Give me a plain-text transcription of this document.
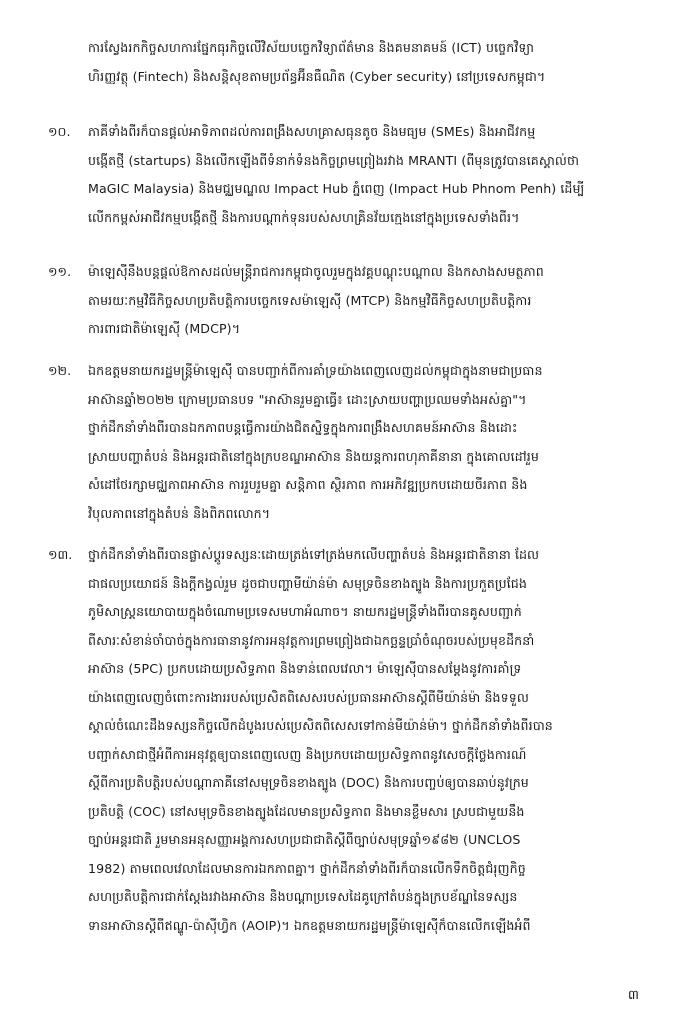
ការស្វែងរកកិច្ចសហការផ្នែកធុរកិច្ចលើវិស័យបច្ចេកវិទ្យាព័ត៌មាន និងគមនាគមន៍ (ICT) បច្ចេកវិទ្យា
ហិរញ្ញវត្ថុ (Fintech) និងសន្តិសុខតាមប្រព័ន្ធអ៊ីនធឺណិត (Cyber security) នៅប្រទេសកម្ពុជា។
១០. ភាគីទាំងពីរក៏បានផ្តល់អាទិភាពដល់ការពង្រឹងសហគ្រាសធុនតូច និងមធ្យម (SMEs) និងអាជីវកម្ម
បង្កើតថ្មី (startups) និងលើកឡើងពីទំនាក់ទំនងកិច្ចព្រមព្រៀងរវាង MRANTI (ពីមុនត្រូវបានគេស្គាល់ថា
MaGIC Malaysia) និងមជ្ឈមណ្ឌល Impact Hub ភ្នំពេញ (Impact Hub Phnom Penh) ដើម្បី
លើកកម្ពស់អាជីវកម្មបង្កើតថ្មី និងការបណ្តាក់ទុនរបស់សហគ្រិនវ័យក្មេងនៅក្នុងប្រទេសទាំងពីរ។
១១. ម៉ាឡេស៊ីនឹងបន្តផ្តល់ឱកាសដល់មន្ត្រីរាជការកម្ពុជាចូលរួមក្នុងវគ្គបណ្តុះបណ្តាល និងកសាងសមត្ថភាព
តាមរយៈកម្មវិធីកិច្ចសហប្រតិបត្តិការបច្ចេកទេសម៉ាឡេស៊ី (MTCP) និងកម្មវិធីកិច្ចសហប្រតិបត្តិការ
ការពារជាតិម៉ាឡេស៊ី (MDCP)។
១២. ឯកឧត្តមនាយករដ្ឋមន្ត្រីម៉ាឡេស៊ី បានបញ្ជាក់ពីការគាំទ្រយ៉ាងពេញលេញដល់កម្ពុជាក្នុងនាមជាប្រធាន
អាស៊ានឆ្នាំ២០២២ ក្រោមប្រធានបទ "អាស៊ានរួមគ្នាធ្វើ៖ ដោះស្រាយបញ្ហាប្រឈមទាំងអស់គ្នា"។
ថ្នាក់ដឹកនាំទាំងពីរបានឯកភាពបន្តធ្វើការយ៉ាងជិតស្និទ្ធក្នុងការពង្រឹងសហគមន៍អាស៊ាន និងដោះ
ស្រាយបញ្ហាតំបន់ និងអន្តរជាតិនៅក្នុងក្របខណ្ឌអាស៊ាន និងយន្តការពហុភាគីនានា ក្នុងគោលដៅរួម
សំដៅថែរក្សាមជ្ឈភាពអាស៊ាន ការរួបរួមគ្នា សន្តិភាព ស្ថិរភាព ការអភិវឌ្ឍប្រកបដោយចីរភាព និង
វិបុលភាពនៅក្នុងតំបន់ និងពិភពលោក។
១៣. ថ្នាក់ដឹកនាំទាំងពីរបានផ្លាស់ប្តូរទស្សនៈដោយត្រង់ទៅត្រង់មកលើបញ្ហាតំបន់ និងអន្តរជាតិនានា ដែល
ជាផលប្រយោជន៍ និងក្តីកង្វល់រួម ដូចជាបញ្ហាមីយ៉ាន់ម៉ា សមុទ្រចិនខាងត្បូង និងការប្រកួតប្រជែង
ភូមិសាស្ត្រនយោបាយក្នុងចំណោមប្រទេសមហាអំណាច។ នាយករដ្ឋមន្ត្រីទាំងពីរបានគូសបញ្ជាក់
ពីសារៈសំខាន់ចាំបាច់ក្នុងការធានានូវការអនុវត្តការព្រមព្រៀងជាឯកច្ឆន្ទប្រាំចំណុចរបស់ប្រមុខដឹកនាំ
អាស៊ាន (5PC) ប្រកបដោយប្រសិទ្ធភាព និងទាន់ពេលវេលា។ ម៉ាឡេស៊ីបានសម្តែងនូវការគាំទ្រ
យ៉ាងពេញលេញចំពោះការងាររបស់ប្រេសិតពិសេសរបស់ប្រធានអាស៊ានស្តីពីមីយ៉ាន់ម៉ា និងទទួល
ស្គាល់ចំណេះដឹងទស្សនកិច្ចលើកដំបូងរបស់ប្រេសិតពិសេសទៅកាន់មីយ៉ាន់ម៉ា។ ថ្នាក់ដឹកនាំទាំងពីរបាន
បញ្ជាក់សាជាថ្មីអំពីការអនុវត្តឲ្យបានពេញលេញ និងប្រកបដោយប្រសិទ្ធភាពនូវសេចក្តីថ្លែងការណ៍
ស្តីពីការប្រតិបត្តិរបស់បណ្តាភាគីនៅសមុទ្រចិនខាងត្បូង (DOC) និងការបញ្ចប់ឲ្យបានឆាប់នូវក្រម
ប្រតិបត្តិ (COC) នៅសមុទ្រចិនខាងត្បូងដែលមានប្រសិទ្ធភាព និងមានខ្លឹមសារ ស្របជាមួយនឹង
ច្បាប់អន្តរជាតិ រួមមានអនុសញ្ញាអង្គការសហប្រជាជាតិស្តីពីច្បាប់សមុទ្រឆ្នាំ១៩៨២ (UNCLOS
1982) តាមពេលវេលាដែលមានការឯកភាពគ្នា។ ថ្នាក់ដឹកនាំទាំងពីរក៏បានលើកទឹកចិត្តជំរុញកិច្ច
សហប្រតិបត្តិការជាក់ស្តែងរវាងអាស៊ាន និងបណ្តាប្រទេសដៃគូក្រៅតំបន់ក្នុងក្របខ័ណ្ឌនៃទស្សន
ទានអាស៊ានស្តីពីឥណ្ឌូ-ប៉ាស៊ីហ្វិក (AOIP)។ ឯកឧត្តមនាយករដ្ឋមន្ត្រីម៉ាឡេស៊ីក៏បានលើកឡើងអំពី
៣
